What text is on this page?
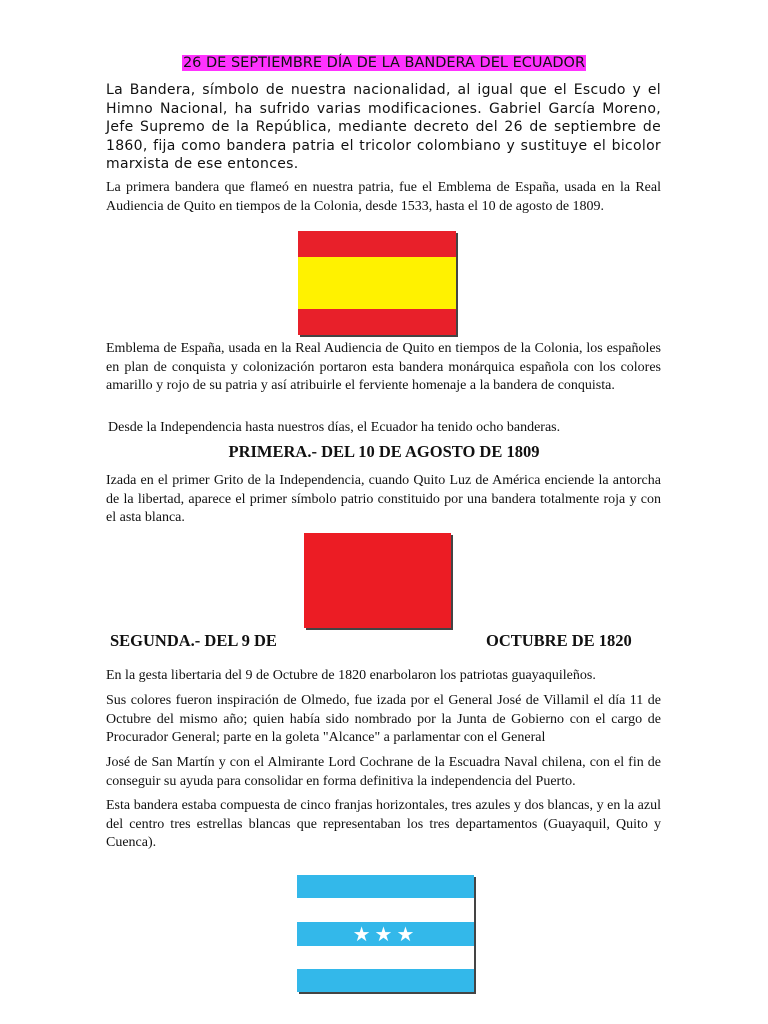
26 DE SEPTIEMBRE DÍA DE LA BANDERA DEL ECUADOR
La Bandera, símbolo de nuestra nacionalidad, al igual que el Escudo y el Himno Nacional, ha sufrido varias modificaciones. Gabriel García Moreno, Jefe Supremo de la República, mediante decreto del 26 de septiembre de 1860, fija como bandera patria el tricolor colombiano y sustituye el bicolor marxista de ese entonces.
La primera bandera que flameó en nuestra patria, fue el Emblema de España, usada en la Real Audiencia de Quito en tiempos de la Colonia, desde 1533, hasta el 10 de agosto de 1809.
Emblema de España, usada en la Real Audiencia de Quito en tiempos de la Colonia, los españoles en plan de conquista y colonización portaron esta bandera monárquica española con los colores amarillo y rojo de su patria y así atribuirle el ferviente homenaje a la bandera de conquista.
Desde la Independencia hasta nuestros días, el Ecuador ha tenido ocho banderas.
PRIMERA.- DEL 10 DE AGOSTO DE 1809
Izada en el primer Grito de la Independencia, cuando Quito Luz de América enciende la antorcha de la libertad, aparece el primer símbolo patrio constituido por una bandera totalmente roja y con el asta blanca.
SEGUNDA.- DEL 9 DE	OCTUBRE DE 1820
En la gesta libertaria del 9 de Octubre de 1820 enarbolaron los patriotas guayaquileños.
Sus colores fueron inspiración de Olmedo, fue izada por el General José de Villamil el día 11 de Octubre del mismo año; quien había sido nombrado por la Junta de Gobierno con el cargo de Procurador General; parte en la goleta "Alcance" a parlamentar con el General
José de San Martín y con el Almirante Lord Cochrane de la Escuadra Naval chilena, con el fin de conseguir su ayuda para consolidar en forma definitiva la independencia del Puerto.
Esta bandera estaba compuesta de cinco franjas horizontales, tres azules y dos blancas, y en la azul del centro tres estrellas blancas que representaban los tres departamentos (Guayaquil, Quito y Cuenca).
★★★
